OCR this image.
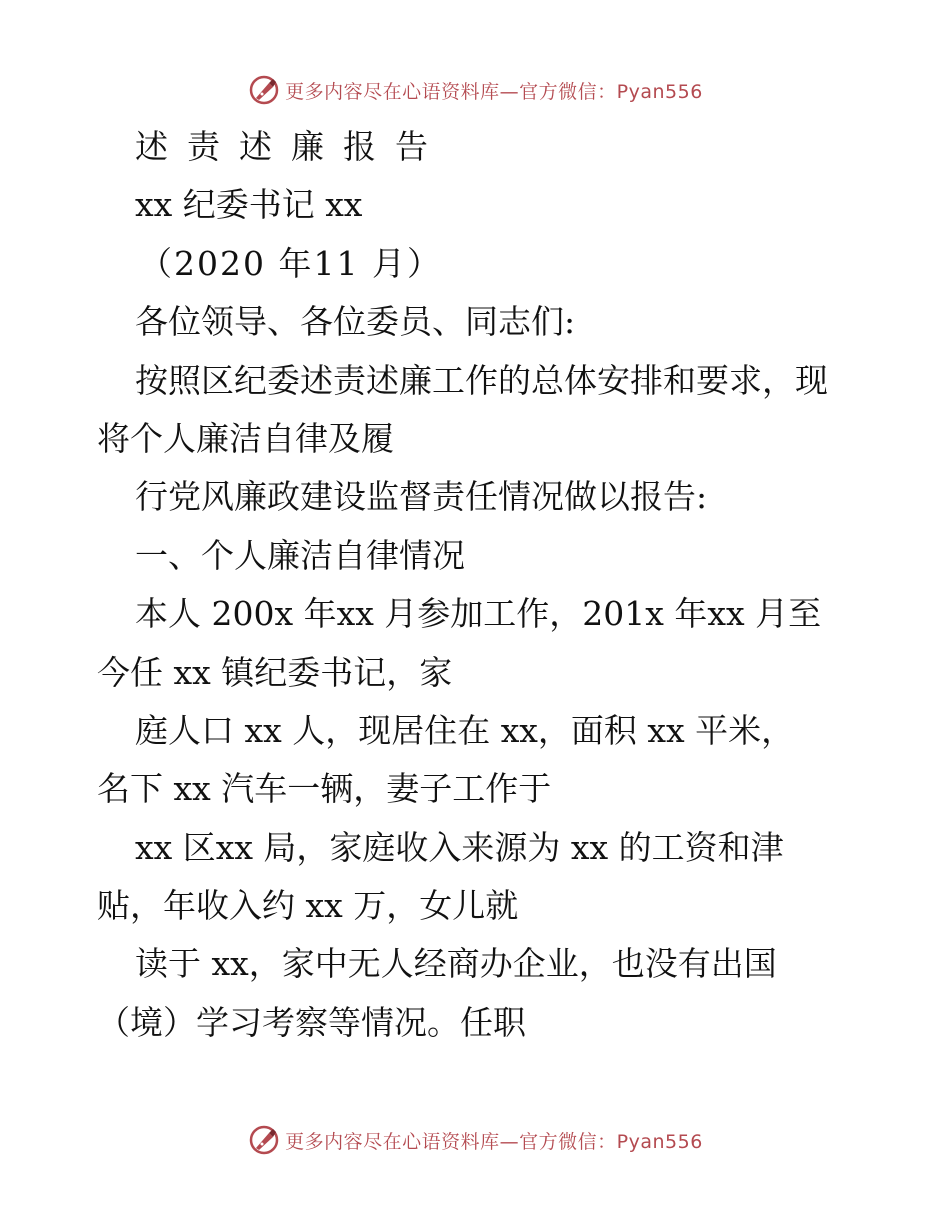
更多内容尽在心语资料库—官方微信：Pyan556
述责述廉报告
xx 纪委书记 xx
（2020 年11 月）
各位领导、各位委员、同志们:
按照区纪委述责述廉工作的总体安排和要求，现
将个人廉洁自律及履
行党风廉政建设监督责任情况做以报告:
一、个人廉洁自律情况
本人 200x 年xx 月参加工作，201x 年xx 月至
今任 xx 镇纪委书记，家
庭人口 xx 人，现居住在 xx，面积 xx 平米，
名下 xx 汽车一辆，妻子工作于
xx 区xx 局，家庭收入来源为 xx 的工资和津
贴，年收入约 xx 万，女儿就
读于 xx，家中无人经商办企业，也没有出国
（境）学习考察等情况。任职
更多内容尽在心语资料库—官方微信：Pyan556
